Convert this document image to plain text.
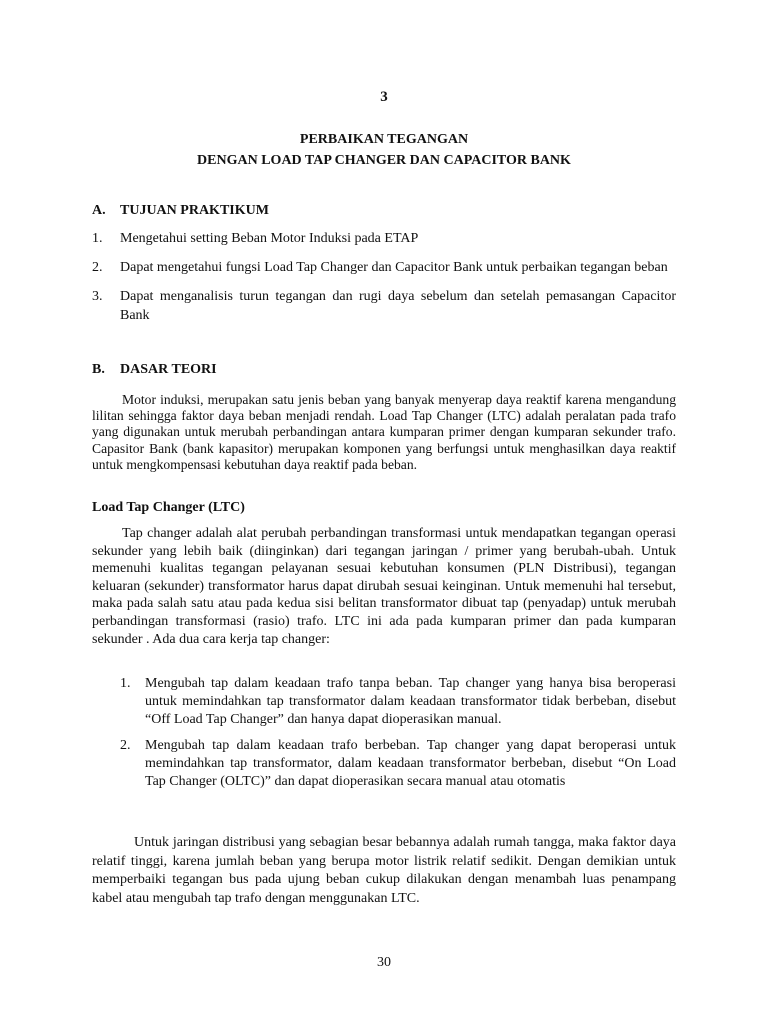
3

PERBAIKAN TEGANGAN

DENGAN LOAD TAP CHANGER DAN CAPACITOR BANK

A. TUJUAN PRAKTIKUM

1.	Mengetahui setting Beban Motor Induksi pada ETAP
2.	Dapat mengetahui fungsi Load Tap Changer dan Capacitor Bank untuk perbaikan tegangan beban
3.	Dapat menganalisis turun tegangan dan rugi daya sebelum dan setelah pemasangan Capacitor Bank

B. DASAR TEORI

Motor induksi, merupakan satu jenis beban yang banyak menyerap daya reaktif karena mengandung lilitan sehingga faktor daya beban menjadi rendah. Load Tap Changer (LTC) adalah peralatan pada trafo yang digunakan untuk merubah perbandingan antara kumparan primer dengan kumparan sekunder trafo. Capasitor Bank (bank kapasitor) merupakan komponen yang berfungsi untuk menghasilkan daya reaktif untuk mengkompensasi kebutuhan daya reaktif pada beban.

Load Tap Changer (LTC)

Tap changer adalah alat perubah perbandingan transformasi untuk mendapatkan tegangan operasi sekunder yang lebih baik (diinginkan) dari tegangan jaringan / primer yang berubah-ubah. Untuk memenuhi kualitas tegangan pelayanan sesuai kebutuhan konsumen (PLN Distribusi), tegangan keluaran (sekunder) transformator harus dapat dirubah sesuai keinginan. Untuk memenuhi hal tersebut, maka pada salah satu atau pada kedua sisi belitan transformator dibuat tap (penyadap) untuk merubah perbandingan transformasi (rasio) trafo. LTC ini ada pada kumparan primer dan pada kumparan sekunder . Ada dua cara kerja tap changer:

1.	Mengubah tap dalam keadaan trafo tanpa beban. Tap changer yang hanya bisa beroperasi untuk memindahkan tap transformator dalam keadaan transformator tidak berbeban, disebut “Off Load Tap Changer” dan hanya dapat dioperasikan manual.
2.	Mengubah tap dalam keadaan trafo berbeban. Tap changer yang dapat beroperasi untuk memindahkan tap transformator, dalam keadaan transformator berbeban, disebut “On Load Tap Changer (OLTC)” dan dapat dioperasikan secara manual atau otomatis

Untuk jaringan distribusi yang sebagian besar bebannya adalah rumah tangga, maka faktor daya relatif tinggi, karena jumlah beban yang berupa motor listrik relatif sedikit. Dengan demikian untuk memperbaiki tegangan bus pada ujung beban cukup dilakukan dengan menambah luas penampang kabel atau mengubah tap trafo dengan menggunakan LTC.

30
